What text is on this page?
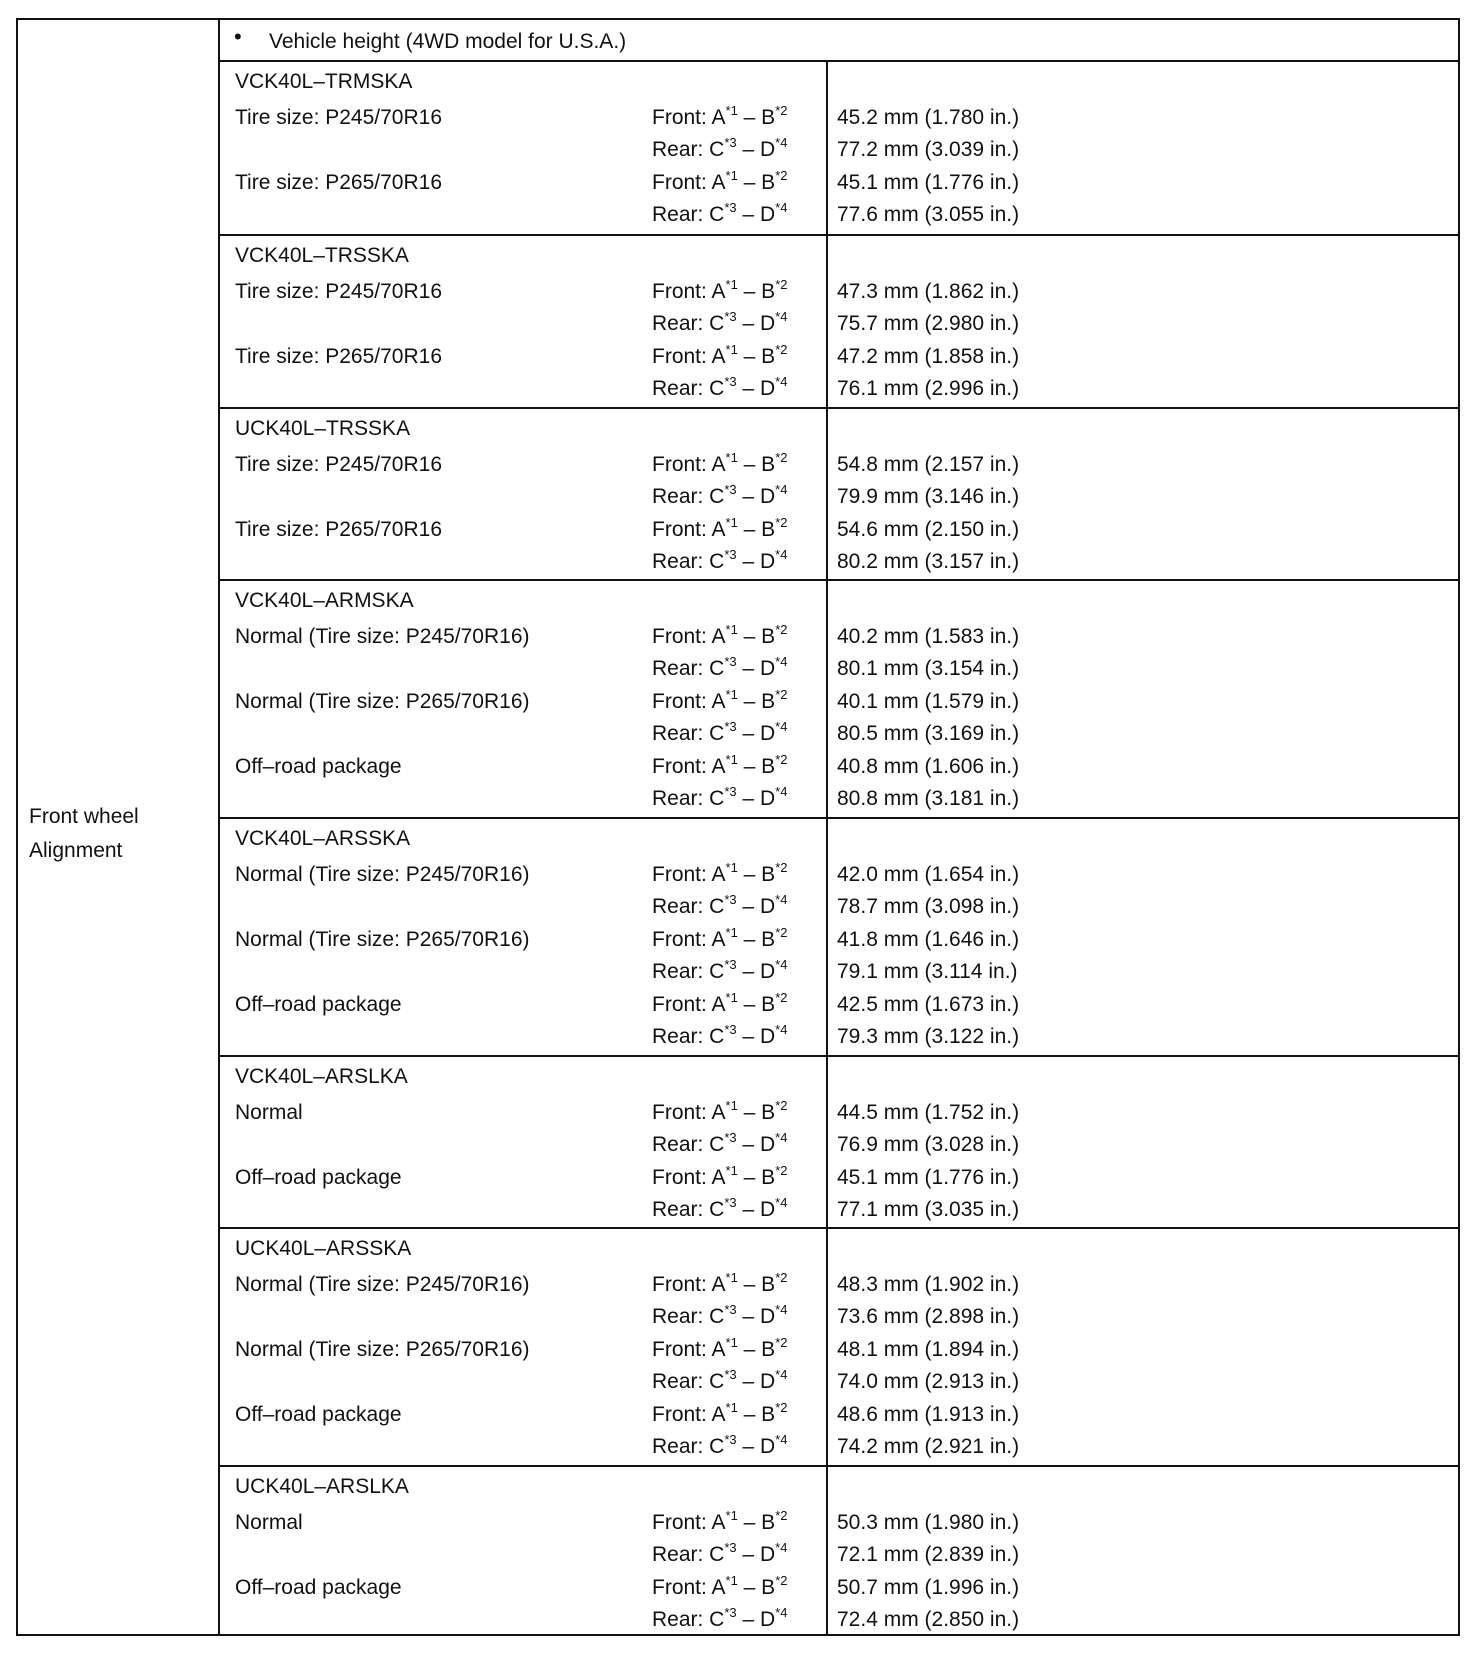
Front wheel
Alignment
• Vehicle height (4WD model for U.S.A.)
VCK40L–TRMSKA
Tire size: P245/70R16	Front: $A^{*1} - B^{*2}$ 45.2 mm (1.780 in.)
Rear: $C^{*3} - D^{*4}$ 77.2 mm (3.039 in.)
Tire size: P265/70R16	Front: $A^{*1} - B^{*2}$ 45.1 mm (1.776 in.)
Rear: $C^{*3} - D^{*4}$ 77.6 mm (3.055 in.)
VCK40L–TRSSKA
Tire size: P245/70R16	Front: $A^{*1} - B^{*2}$ 47.3 mm (1.862 in.)
Rear: $C^{*3} - D^{*4}$ 75.7 mm (2.980 in.)
Tire size: P265/70R16	Front: $A^{*1} - B^{*2}$ 47.2 mm (1.858 in.)
Rear: $C^{*3} - D^{*4}$ 76.1 mm (2.996 in.)
UCK40L–TRSSKA
Tire size: P245/70R16	Front: $A^{*1} - B^{*2}$ 54.8 mm (2.157 in.)
Rear: $C^{*3} - D^{*4}$ 79.9 mm (3.146 in.)
Tire size: P265/70R16	Front: $A^{*1} - B^{*2}$ 54.6 mm (2.150 in.)
Rear: $C^{*3} - D^{*4}$ 80.2 mm (3.157 in.)
VCK40L–ARMSKA
Normal (Tire size: P245/70R16)	Front: $A^{*1} - B^{*2}$ 40.2 mm (1.583 in.)
Rear: $C^{*3} - D^{*4}$ 80.1 mm (3.154 in.)
Normal (Tire size: P265/70R16)	Front: $A^{*1} - B^{*2}$ 40.1 mm (1.579 in.)
Rear: $C^{*3} - D^{*4}$ 80.5 mm (3.169 in.)
Off–road package	Front: $A^{*1} - B^{*2}$ 40.8 mm (1.606 in.)
Rear: $C^{*3} - D^{*4}$ 80.8 mm (3.181 in.)
VCK40L–ARSSKA
Normal (Tire size: P245/70R16)	Front: $A^{*1} - B^{*2}$ 42.0 mm (1.654 in.)
Rear: $C^{*3} - D^{*4}$ 78.7 mm (3.098 in.)
Normal (Tire size: P265/70R16)	Front: $A^{*1} - B^{*2}$ 41.8 mm (1.646 in.)
Rear: $C^{*3} - D^{*4}$ 79.1 mm (3.114 in.)
Off–road package	Front: $A^{*1} - B^{*2}$ 42.5 mm (1.673 in.)
Rear: $C^{*3} - D^{*4}$ 79.3 mm (3.122 in.)
VCK40L–ARSLKA
Normal	Front: $A^{*1} - B^{*2}$ 44.5 mm (1.752 in.)
Rear: $C^{*3} - D^{*4}$ 76.9 mm (3.028 in.)
Off–road package	Front: $A^{*1} - B^{*2}$ 45.1 mm (1.776 in.)
Rear: $C^{*3} - D^{*4}$ 77.1 mm (3.035 in.)
UCK40L–ARSSKA
Normal (Tire size: P245/70R16)	Front: $A^{*1} - B^{*2}$ 48.3 mm (1.902 in.)
Rear: $C^{*3} - D^{*4}$ 73.6 mm (2.898 in.)
Normal (Tire size: P265/70R16)	Front: $A^{*1} - B^{*2}$ 48.1 mm (1.894 in.)
Rear: $C^{*3} - D^{*4}$ 74.0 mm (2.913 in.)
Off–road package	Front: $A^{*1} - B^{*2}$ 48.6 mm (1.913 in.)
Rear: $C^{*3} - D^{*4}$ 74.2 mm (2.921 in.)
UCK40L–ARSLKA
Normal	Front: $A^{*1} - B^{*2}$ 50.3 mm (1.980 in.)
Rear: $C^{*3} - D^{*4}$ 72.1 mm (2.839 in.)
Off–road package	Front: $A^{*1} - B^{*2}$ 50.7 mm (1.996 in.)
Rear: $C^{*3} - D^{*4}$ 72.4 mm (2.850 in.)
